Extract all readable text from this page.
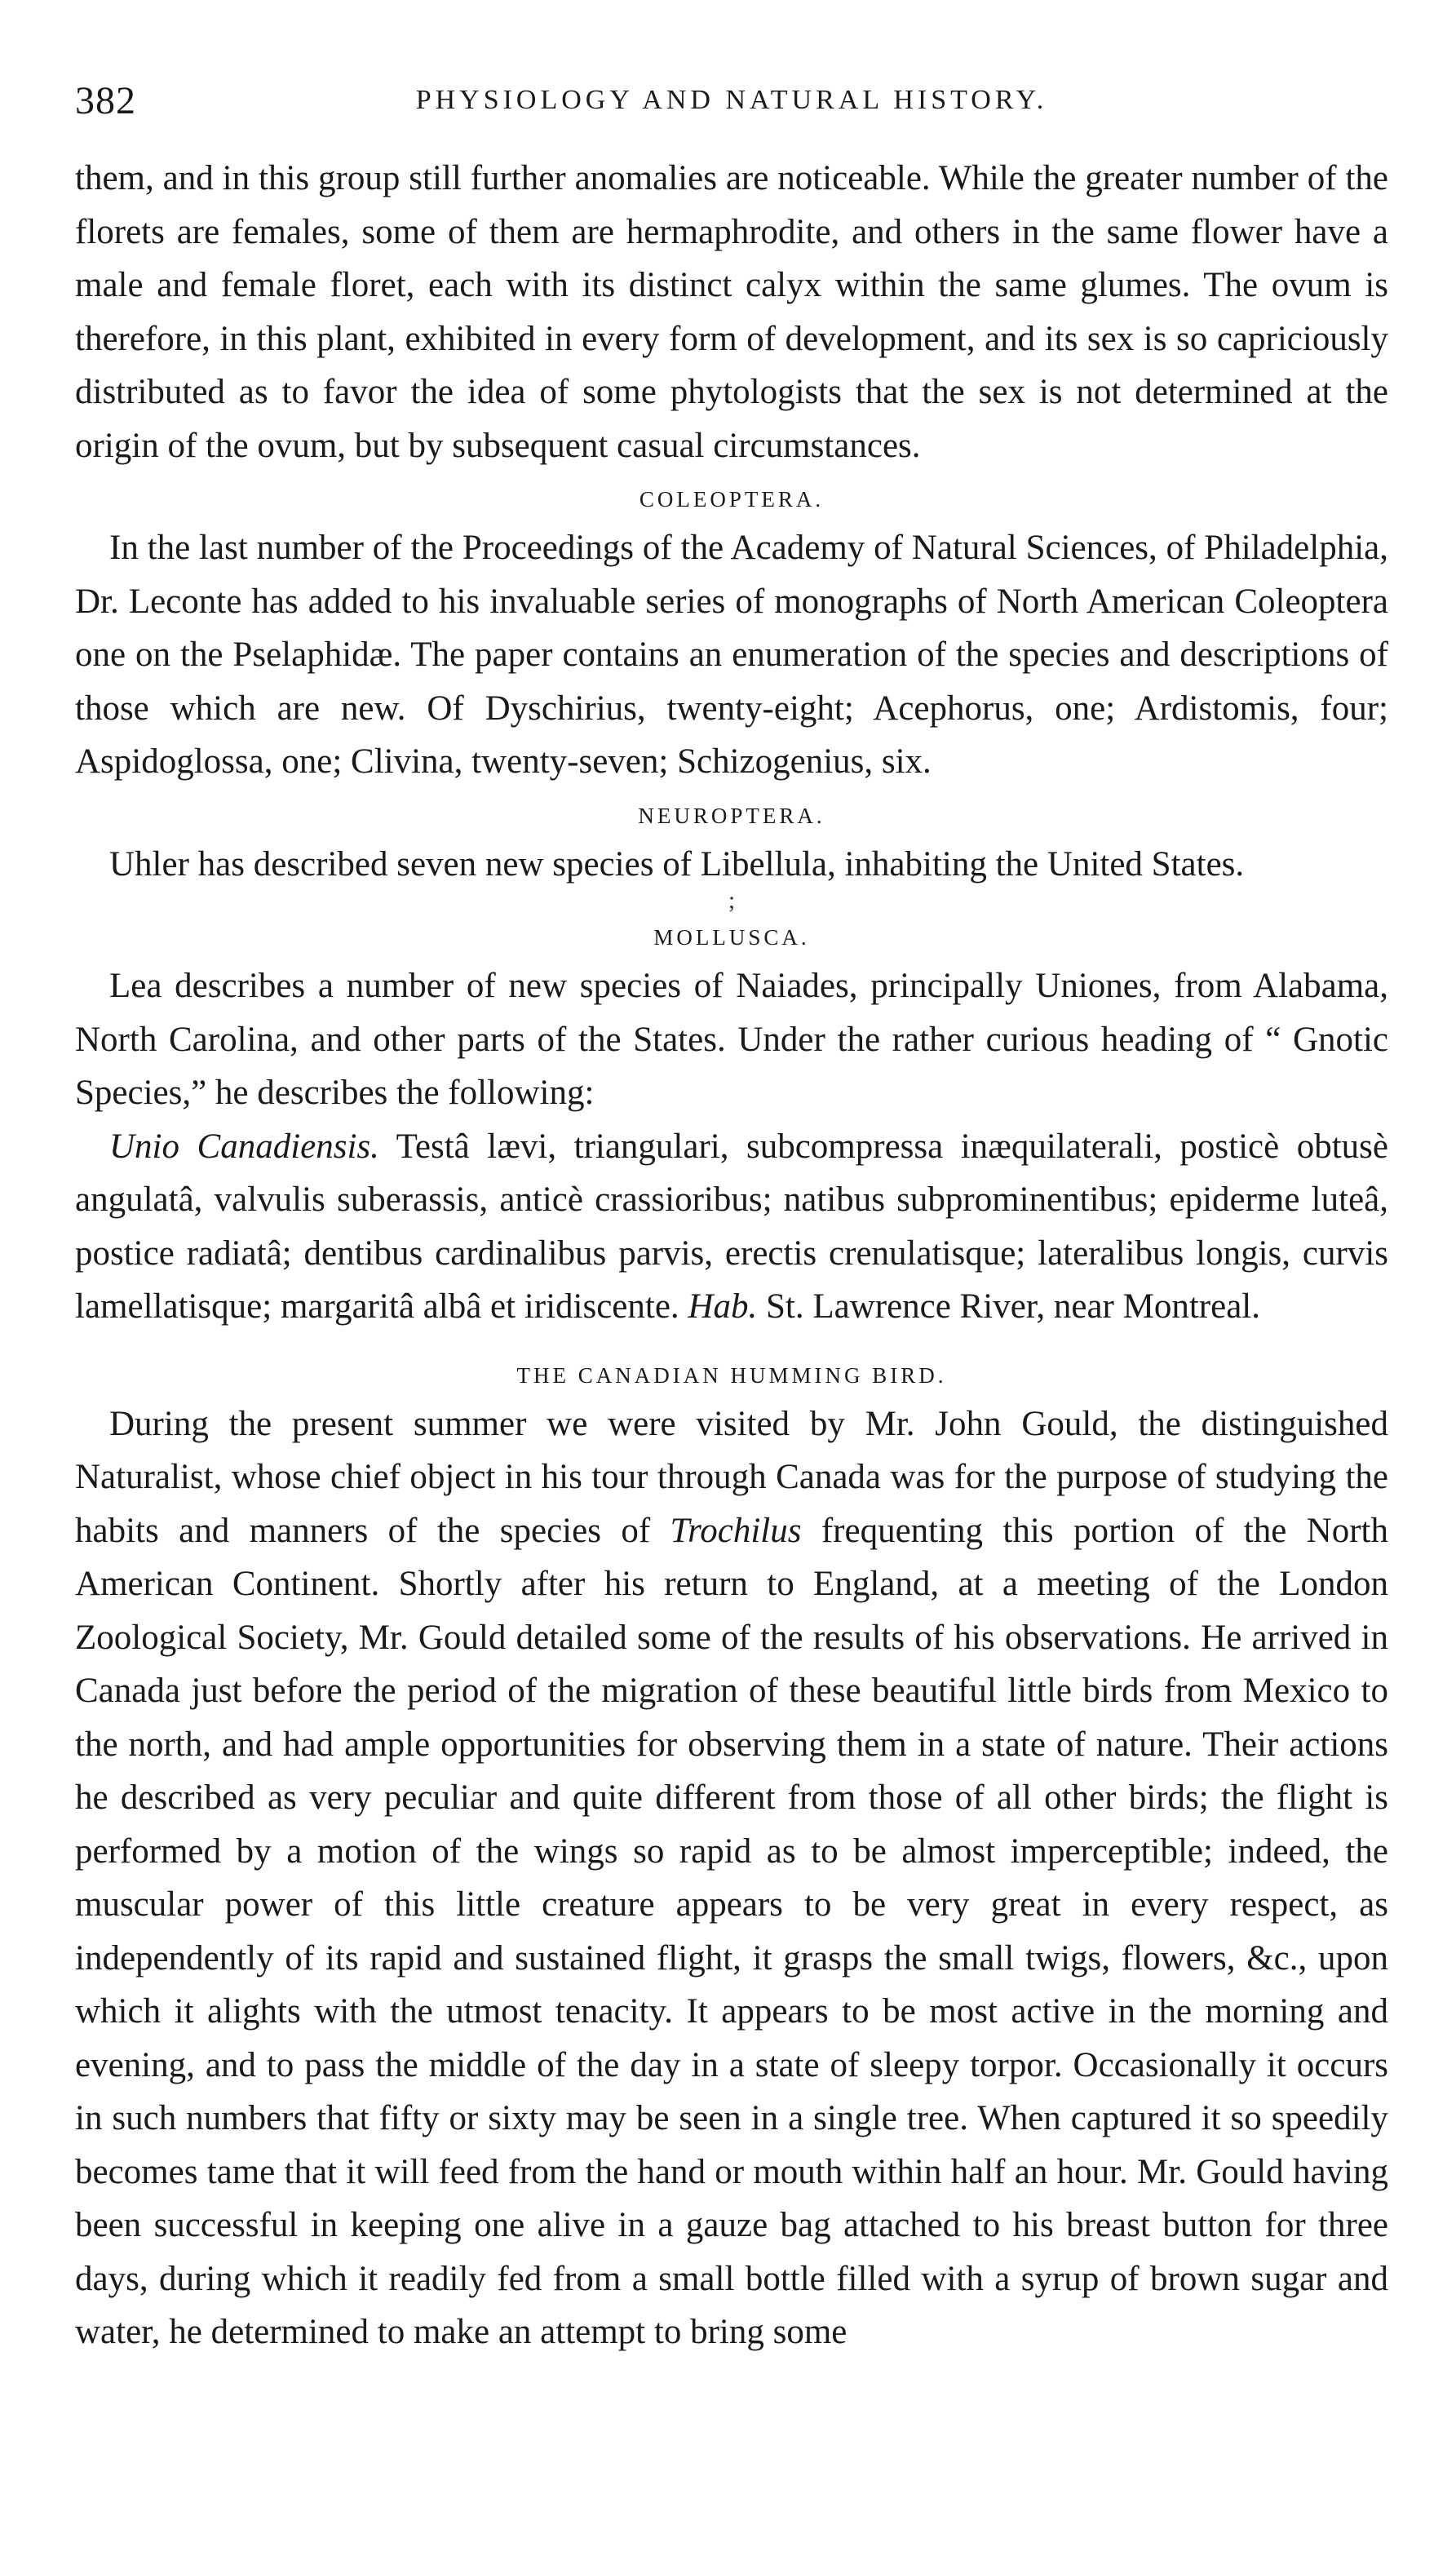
382	PHYSIOLOGY AND NATURAL HISTORY.

them, and in this group still further anomalies are noticeable. While the greater number of the florets are females, some of them are hermaphrodite, and others in the same flower have a male and female floret, each with its distinct calyx within the same glumes. The ovum is therefore, in this plant, exhibited in every form of development, and its sex is so capriciously distributed as to favor the idea of some phytologists that the sex is not determined at the origin of the ovum, but by subsequent casual circumstances.

COLEOPTERA.

In the last number of the Proceedings of the Academy of Natural Sciences, of Philadelphia, Dr. Leconte has added to his invaluable series of monographs of North American Coleoptera one on the Pselaphidæ. The paper contains an enumeration of the species and descriptions of those which are new. Of Dyschirius, twenty-eight; Acephorus, one; Ardistomis, four; Aspidoglossa, one; Clivina, twenty-seven; Schizogenius, six.

NEUROPTERA.

Uhler has described seven new species of Libellula, inhabiting the United States.

;
MOLLUSCA.

Lea describes a number of new species of Naiades, principally Uniones, from Alabama, North Carolina, and other parts of the States. Under the rather curious heading of “ Gnotic Species,” he describes the following:

Unio Canadiensis. Testâ lævi, triangulari, subcompressa inæquilaterali, posticè obtusè angulatâ, valvulis suberassis, anticè crassioribus; natibus subprominentibus; epiderme luteâ, postice radiatâ; dentibus cardinalibus parvis, erectis crenulatisque; lateralibus longis, curvis lamellatisque; margaritâ albâ et iridiscente. Hab. St. Lawrence River, near Montreal.

THE CANADIAN HUMMING BIRD.

During the present summer we were visited by Mr. John Gould, the distinguished Naturalist, whose chief object in his tour through Canada was for the purpose of studying the habits and manners of the species of Trochilus frequenting this portion of the North American Continent. Shortly after his return to England, at a meeting of the London Zoological Society, Mr. Gould detailed some of the results of his observations. He arrived in Canada just before the period of the migration of these beautiful little birds from Mexico to the north, and had ample opportunities for observing them in a state of nature. Their actions he described as very peculiar and quite different from those of all other birds; the flight is performed by a motion of the wings so rapid as to be almost imperceptible; indeed, the muscular power of this little creature appears to be very great in every respect, as independently of its rapid and sustained flight, it grasps the small twigs, flowers, &c., upon which it alights with the utmost tenacity. It appears to be most active in the morning and evening, and to pass the middle of the day in a state of sleepy torpor. Occasionally it occurs in such numbers that fifty or sixty may be seen in a single tree. When captured it so speedily becomes tame that it will feed from the hand or mouth within half an hour. Mr. Gould having been successful in keeping one alive in a gauze bag attached to his breast button for three days, during which it readily fed from a small bottle filled with a syrup of brown sugar and water, he determined to make an attempt to bring some
